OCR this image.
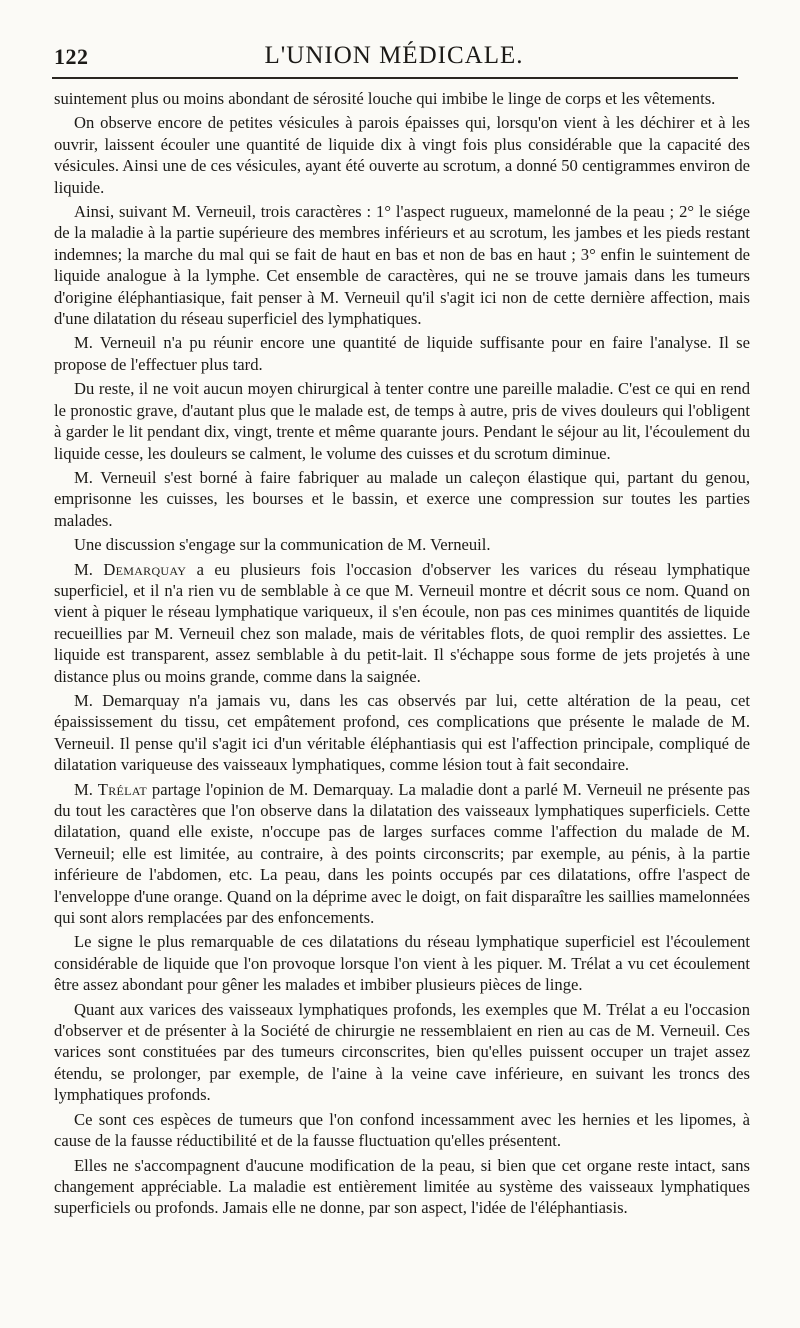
122	L'UNION MÉDICALE.

suintement plus ou moins abondant de sérosité louche qui imbibe le linge de corps et les vêtements.

On observe encore de petites vésicules à parois épaisses qui, lorsqu'on vient à les déchirer et à les ouvrir, laissent écouler une quantité de liquide dix à vingt fois plus considérable que la capacité des vésicules. Ainsi une de ces vésicules, ayant été ouverte au scrotum, a donné 50 centigrammes environ de liquide.

Ainsi, suivant M. Verneuil, trois caractères : 1° l'aspect rugueux, mamelonné de la peau ; 2° le siége de la maladie à la partie supérieure des membres inférieurs et au scrotum, les jambes et les pieds restant indemnes; la marche du mal qui se fait de haut en bas et non de bas en haut ; 3° enfin le suintement de liquide analogue à la lymphe. Cet ensemble de caractères, qui ne se trouve jamais dans les tumeurs d'origine éléphantiasique, fait penser à M. Verneuil qu'il s'agit ici non de cette dernière affection, mais d'une dilatation du réseau superficiel des lymphatiques.

M. Verneuil n'a pu réunir encore une quantité de liquide suffisante pour en faire l'analyse. Il se propose de l'effectuer plus tard.

Du reste, il ne voit aucun moyen chirurgical à tenter contre une pareille maladie. C'est ce qui en rend le pronostic grave, d'autant plus que le malade est, de temps à autre, pris de vives douleurs qui l'obligent à garder le lit pendant dix, vingt, trente et même quarante jours. Pendant le séjour au lit, l'écoulement du liquide cesse, les douleurs se calment, le volume des cuisses et du scrotum diminue.

M. Verneuil s'est borné à faire fabriquer au malade un caleçon élastique qui, partant du genou, emprisonne les cuisses, les bourses et le bassin, et exerce une compression sur toutes les parties malades.

Une discussion s'engage sur la communication de M. Verneuil.

M. Demarquay a eu plusieurs fois l'occasion d'observer les varices du réseau lymphatique superficiel, et il n'a rien vu de semblable à ce que M. Verneuil montre et décrit sous ce nom. Quand on vient à piquer le réseau lymphatique variqueux, il s'en écoule, non pas ces minimes quantités de liquide recueillies par M. Verneuil chez son malade, mais de véritables flots, de quoi remplir des assiettes. Le liquide est transparent, assez semblable à du petit-lait. Il s'échappe sous forme de jets projetés à une distance plus ou moins grande, comme dans la saignée.

M. Demarquay n'a jamais vu, dans les cas observés par lui, cette altération de la peau, cet épaississement du tissu, cet empâtement profond, ces complications que présente le malade de M. Verneuil. Il pense qu'il s'agit ici d'un véritable éléphantiasis qui est l'affection principale, compliqué de dilatation variqueuse des vaisseaux lymphatiques, comme lésion tout à fait secondaire.

M. Trélat partage l'opinion de M. Demarquay. La maladie dont a parlé M. Verneuil ne présente pas du tout les caractères que l'on observe dans la dilatation des vaisseaux lymphatiques superficiels. Cette dilatation, quand elle existe, n'occupe pas de larges surfaces comme l'affection du malade de M. Verneuil; elle est limitée, au contraire, à des points circonscrits; par exemple, au pénis, à la partie inférieure de l'abdomen, etc. La peau, dans les points occupés par ces dilatations, offre l'aspect de l'enveloppe d'une orange. Quand on la déprime avec le doigt, on fait disparaître les saillies mamelonnées qui sont alors remplacées par des enfoncements.

Le signe le plus remarquable de ces dilatations du réseau lymphatique superficiel est l'écoulement considérable de liquide que l'on provoque lorsque l'on vient à les piquer. M. Trélat a vu cet écoulement être assez abondant pour gêner les malades et imbiber plusieurs pièces de linge.

Quant aux varices des vaisseaux lymphatiques profonds, les exemples que M. Trélat a eu l'occasion d'observer et de présenter à la Société de chirurgie ne ressemblaient en rien au cas de M. Verneuil. Ces varices sont constituées par des tumeurs circonscrites, bien qu'elles puissent occuper un trajet assez étendu, se prolonger, par exemple, de l'aine à la veine cave inférieure, en suivant les troncs des lymphatiques profonds.

Ce sont ces espèces de tumeurs que l'on confond incessamment avec les hernies et les lipomes, à cause de la fausse réductibilité et de la fausse fluctuation qu'elles présentent.

Elles ne s'accompagnent d'aucune modification de la peau, si bien que cet organe reste intact, sans changement appréciable. La maladie est entièrement limitée au système des vaisseaux lymphatiques superficiels ou profonds. Jamais elle ne donne, par son aspect, l'idée de l'éléphantiasis.
